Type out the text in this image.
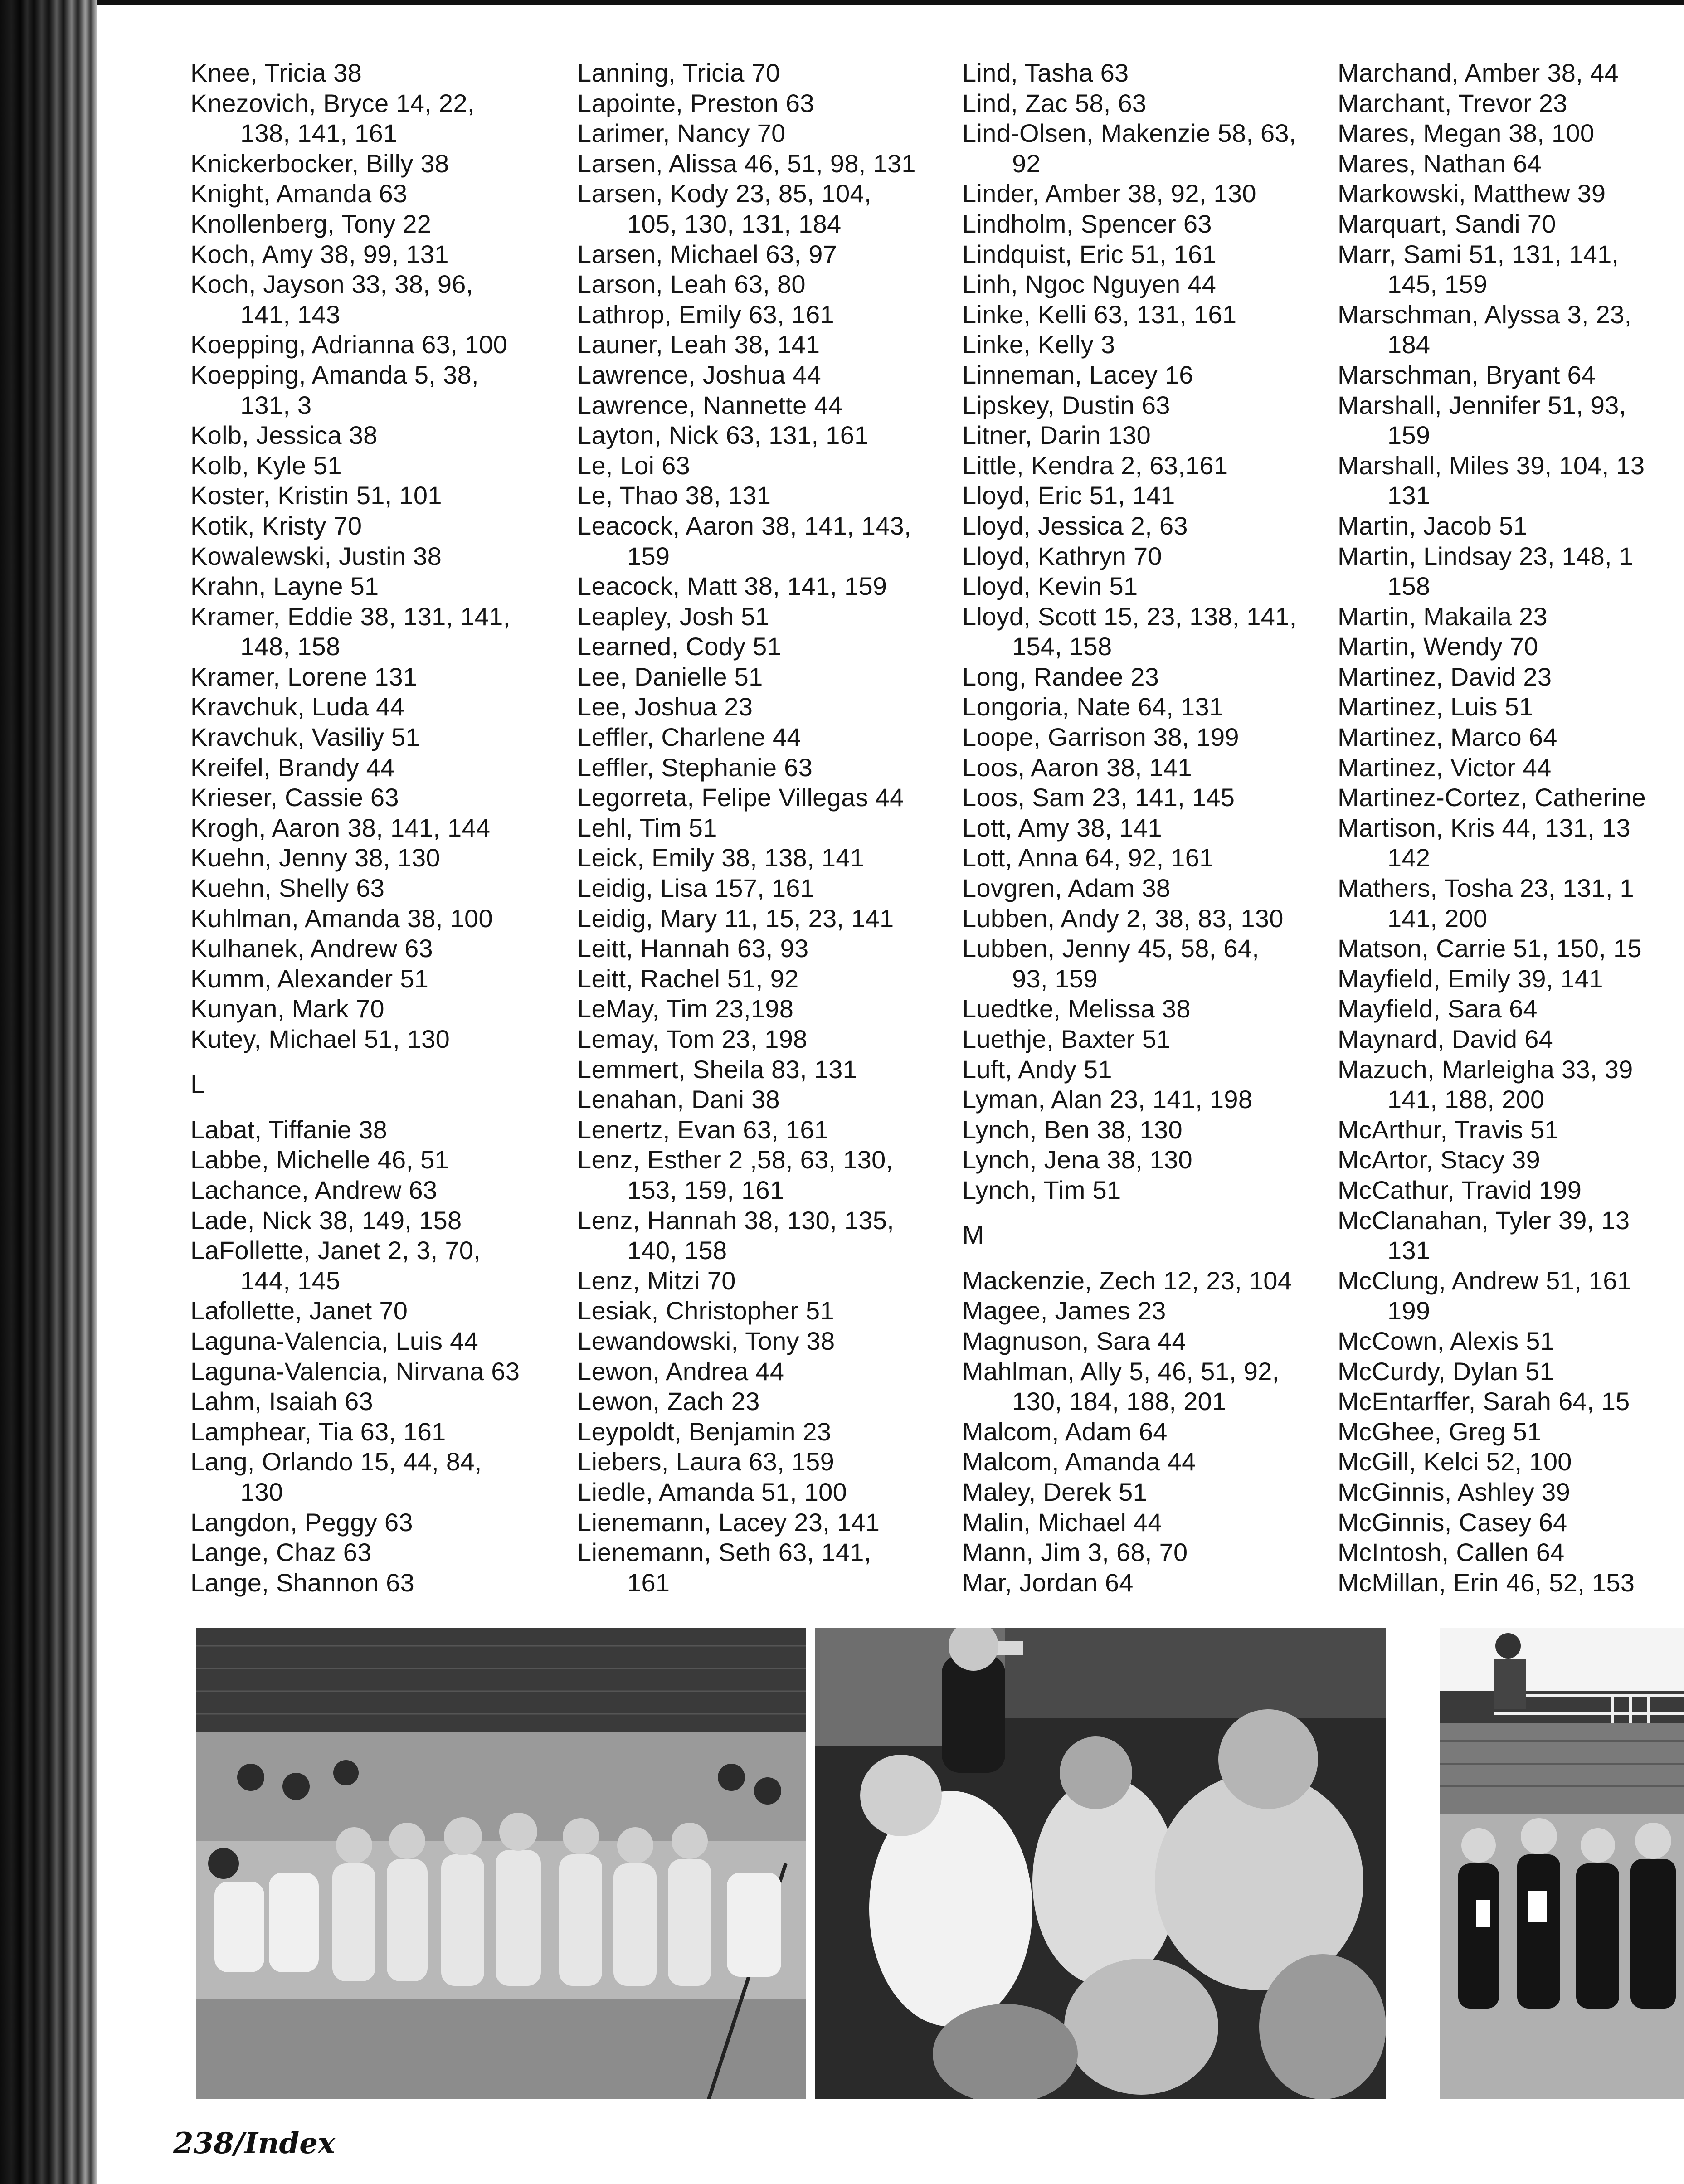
Knee, Tricia 38
Knezovich, Bryce 14, 22,
138, 141, 161
Knickerbocker, Billy 38
Knight, Amanda 63
Knollenberg, Tony 22
Koch, Amy 38, 99, 131
Koch, Jayson 33, 38, 96,
141, 143
Koepping, Adrianna 63, 100
Koepping, Amanda 5, 38,
131, 3
Kolb, Jessica 38
Kolb, Kyle 51
Koster, Kristin 51, 101
Kotik, Kristy 70
Kowalewski, Justin 38
Krahn, Layne 51
Kramer, Eddie 38, 131, 141,
148, 158
Kramer, Lorene 131
Kravchuk, Luda 44
Kravchuk, Vasiliy 51
Kreifel, Brandy 44
Krieser, Cassie 63
Krogh, Aaron 38, 141, 144
Kuehn, Jenny 38, 130
Kuehn, Shelly 63
Kuhlman, Amanda 38, 100
Kulhanek, Andrew 63
Kumm, Alexander 51
Kunyan, Mark 70
Kutey, Michael 51, 130
L
Labat, Tiffanie 38
Labbe, Michelle 46, 51
Lachance, Andrew 63
Lade, Nick 38, 149, 158
LaFollette, Janet 2, 3, 70,
144, 145
Lafollette, Janet 70
Laguna-Valencia, Luis 44
Laguna-Valencia, Nirvana 63
Lahm, Isaiah 63
Lamphear, Tia 63, 161
Lang, Orlando 15, 44, 84,
130
Langdon, Peggy 63
Lange, Chaz 63
Lange, Shannon 63
Lanning, Tricia 70
Lapointe, Preston 63
Larimer, Nancy 70
Larsen, Alissa 46, 51, 98, 131
Larsen, Kody 23, 85, 104,
105, 130, 131, 184
Larsen, Michael 63, 97
Larson, Leah 63, 80
Lathrop, Emily 63, 161
Launer, Leah 38, 141
Lawrence, Joshua 44
Lawrence, Nannette 44
Layton, Nick 63, 131, 161
Le, Loi 63
Le, Thao 38, 131
Leacock, Aaron 38, 141, 143,
159
Leacock, Matt 38, 141, 159
Leapley, Josh 51
Learned, Cody 51
Lee, Danielle 51
Lee, Joshua 23
Leffler, Charlene 44
Leffler, Stephanie 63
Legorreta, Felipe Villegas 44
Lehl, Tim 51
Leick, Emily 38, 138, 141
Leidig, Lisa 157, 161
Leidig, Mary 11, 15, 23, 141
Leitt, Hannah 63, 93
Leitt, Rachel 51, 92
LeMay, Tim 23,198
Lemay, Tom 23, 198
Lemmert, Sheila 83, 131
Lenahan, Dani 38
Lenertz, Evan 63, 161
Lenz, Esther 2 ,58, 63, 130,
153, 159, 161
Lenz, Hannah 38, 130, 135,
140, 158
Lenz, Mitzi 70
Lesiak, Christopher 51
Lewandowski, Tony 38
Lewon, Andrea 44
Lewon, Zach 23
Leypoldt, Benjamin 23
Liebers, Laura 63, 159
Liedle, Amanda 51, 100
Lienemann, Lacey 23, 141
Lienemann, Seth 63, 141,
161
Lind, Tasha 63
Lind, Zac 58, 63
Lind-Olsen, Makenzie 58, 63,
92
Linder, Amber 38, 92, 130
Lindholm, Spencer 63
Lindquist, Eric 51, 161
Linh, Ngoc Nguyen 44
Linke, Kelli 63, 131, 161
Linke, Kelly 3
Linneman, Lacey 16
Lipskey, Dustin 63
Litner, Darin 130
Little, Kendra 2, 63,161
Lloyd, Eric 51, 141
Lloyd, Jessica 2, 63
Lloyd, Kathryn 70
Lloyd, Kevin 51
Lloyd, Scott 15, 23, 138, 141,
154, 158
Long, Randee 23
Longoria, Nate 64, 131
Loope, Garrison 38, 199
Loos, Aaron 38, 141
Loos, Sam 23, 141, 145
Lott, Amy 38, 141
Lott, Anna 64, 92, 161
Lovgren, Adam 38
Lubben, Andy 2, 38, 83, 130
Lubben, Jenny 45, 58, 64,
93, 159
Luedtke, Melissa 38
Luethje, Baxter 51
Luft, Andy 51
Lyman, Alan 23, 141, 198
Lynch, Ben 38, 130
Lynch, Jena 38, 130
Lynch, Tim 51
M
Mackenzie, Zech 12, 23, 104
Magee, James 23
Magnuson, Sara 44
Mahlman, Ally 5, 46, 51, 92,
130, 184, 188, 201
Malcom, Adam 64
Malcom, Amanda 44
Maley, Derek 51
Malin, Michael 44
Mann, Jim 3, 68, 70
Mar, Jordan 64
Marchand, Amber 38, 44
Marchant, Trevor 23
Mares, Megan 38, 100
Mares, Nathan 64
Markowski, Matthew 39
Marquart, Sandi 70
Marr, Sami 51, 131, 141,
145, 159
Marschman, Alyssa 3, 23,
184
Marschman, Bryant 64
Marshall, Jennifer 51, 93,
159
Marshall, Miles 39, 104, 13
131
Martin, Jacob 51
Martin, Lindsay 23, 148, 1
158
Martin, Makaila 23
Martin, Wendy 70
Martinez, David 23
Martinez, Luis 51
Martinez, Marco 64
Martinez, Victor 44
Martinez-Cortez, Catherine
Martison, Kris 44, 131, 13
142
Mathers, Tosha 23, 131, 1
141, 200
Matson, Carrie 51, 150, 15
Mayfield, Emily 39, 141
Mayfield, Sara 64
Maynard, David 64
Mazuch, Marleigha 33, 39
141, 188, 200
McArthur, Travis 51
McArtor, Stacy 39
McCathur, Travid 199
McClanahan, Tyler 39, 13
131
McClung, Andrew 51, 161
199
McCown, Alexis 51
McCurdy, Dylan 51
McEntarffer, Sarah 64, 15
McGhee, Greg 51
McGill, Kelci 52, 100
McGinnis, Ashley 39
McGinnis, Casey 64
McIntosh, Callen 64
McMillan, Erin 46, 52, 153
238/Index
